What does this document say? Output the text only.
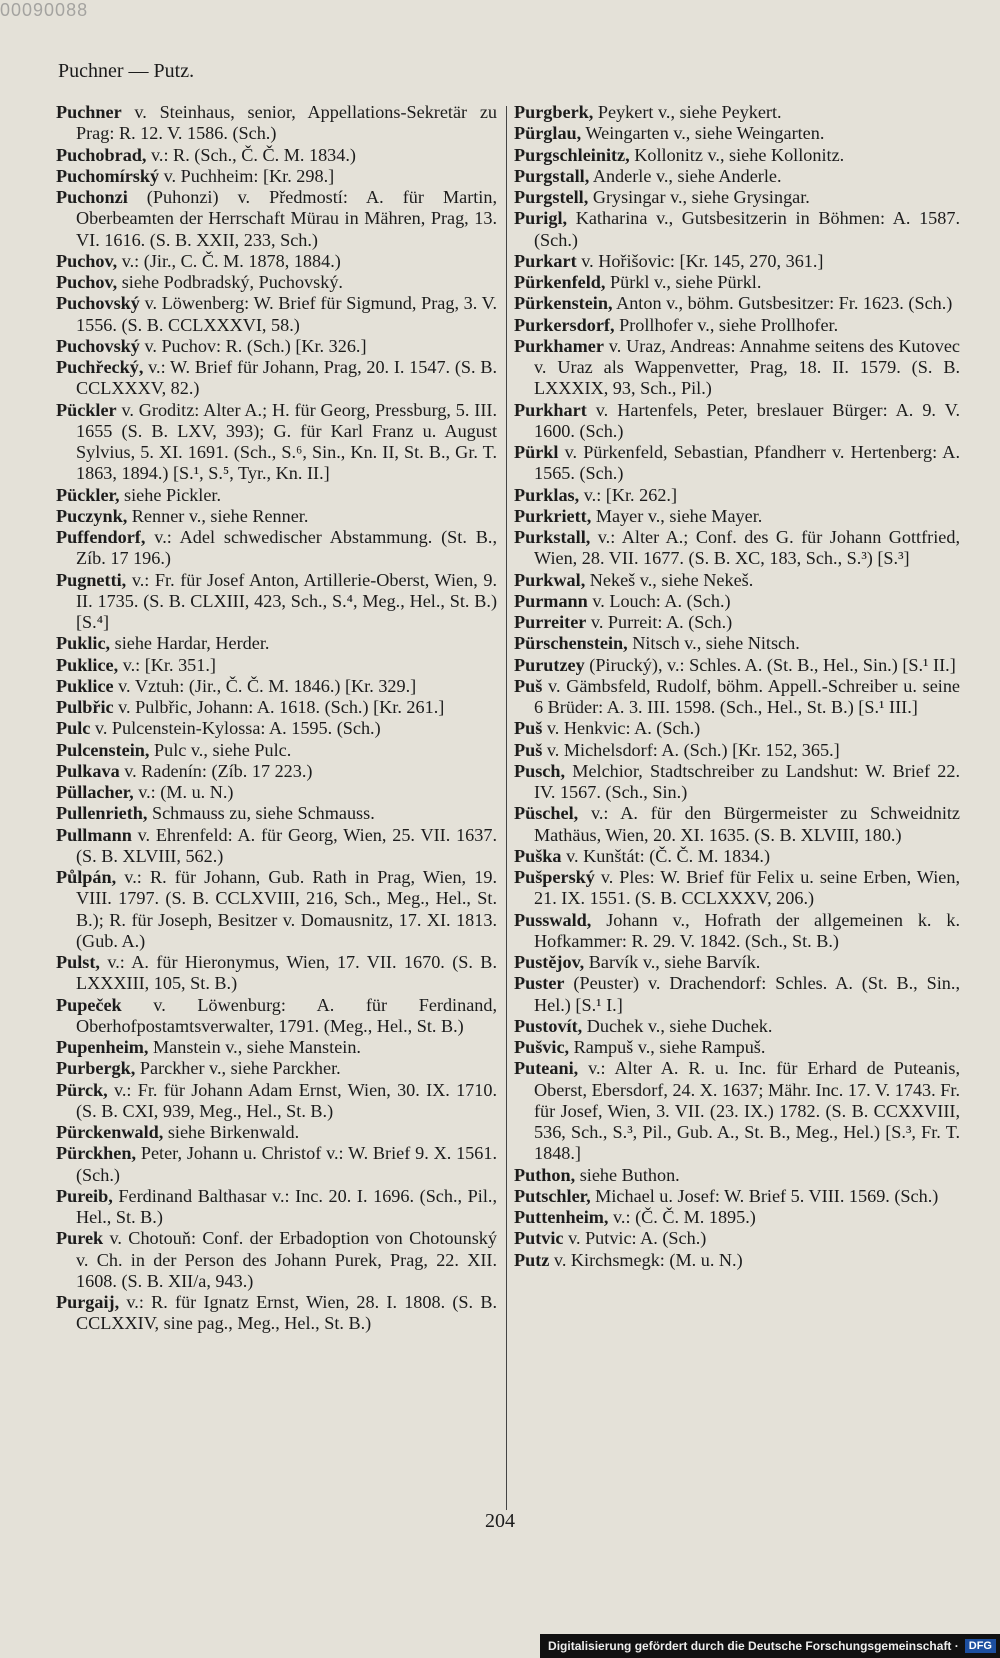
00090088
Puchner — Putz.
Puchner v. Steinhaus, senior, Appellations-Sekretär zu Prag: R. 12. V. 1586. (Sch.)
Puchobrad, v.: R. (Sch., Č. Č. M. 1834.)
Puchomírský v. Puchheim: [Kr. 298.]
Puchonzi (Puhonzi) v. Předmostí: A. für Martin, Oberbeamten der Herrschaft Mürau in Mähren, Prag, 13. VI. 1616. (S. B. XXII, 233, Sch.)
Puchov, v.: (Jir., C. Č. M. 1878, 1884.)
Puchov, siehe Podbradský, Puchovský.
Puchovský v. Löwenberg: W. Brief für Sigmund, Prag, 3. V. 1556. (S. B. CCLXXXVI, 58.)
Puchovský v. Puchov: R. (Sch.) [Kr. 326.]
Puchřecký, v.: W. Brief für Johann, Prag, 20. I. 1547. (S. B. CCLXXXV, 82.)
Pückler v. Groditz: Alter A.; H. für Georg, Pressburg, 5. III. 1655 (S. B. LXV, 393); G. für Karl Franz u. August Sylvius, 5. XI. 1691. (Sch., S.⁶, Sin., Kn. II, St. B., Gr. T. 1863, 1894.) [S.¹, S.⁵, Tyr., Kn. II.]
Pückler, siehe Pickler.
Puczynk, Renner v., siehe Renner.
Puffendorf, v.: Adel schwedischer Abstammung. (St. B., Zíb. 17 196.)
Pugnetti, v.: Fr. für Josef Anton, Artillerie-Oberst, Wien, 9. II. 1735. (S. B. CLXIII, 423, Sch., S.⁴, Meg., Hel., St. B.) [S.⁴]
Puklic, siehe Hardar, Herder.
Puklice, v.: [Kr. 351.]
Puklice v. Vztuh: (Jir., Č. Č. M. 1846.) [Kr. 329.]
Pulbřic v. Pulbřic, Johann: A. 1618. (Sch.) [Kr. 261.]
Pulc v. Pulcenstein-Kylossa: A. 1595. (Sch.)
Pulcenstein, Pulc v., siehe Pulc.
Pulkava v. Radenín: (Zíb. 17 223.)
Püllacher, v.: (M. u. N.)
Pullenrieth, Schmauss zu, siehe Schmauss.
Pullmann v. Ehrenfeld: A. für Georg, Wien, 25. VII. 1637. (S. B. XLVIII, 562.)
Půlpán, v.: R. für Johann, Gub. Rath in Prag, Wien, 19. VIII. 1797. (S. B. CCLXVIII, 216, Sch., Meg., Hel., St. B.); R. für Joseph, Besitzer v. Domausnitz, 17. XI. 1813. (Gub. A.)
Pulst, v.: A. für Hieronymus, Wien, 17. VII. 1670. (S. B. LXXXIII, 105, St. B.)
Pupeček v. Löwenburg: A. für Ferdinand, Oberhofpostamtsverwalter, 1791. (Meg., Hel., St. B.)
Pupenheim, Manstein v., siehe Manstein.
Purbergk, Parckher v., siehe Parckher.
Pürck, v.: Fr. für Johann Adam Ernst, Wien, 30. IX. 1710. (S. B. CXI, 939, Meg., Hel., St. B.)
Pürckenwald, siehe Birkenwald.
Pürckhen, Peter, Johann u. Christof v.: W. Brief 9. X. 1561. (Sch.)
Pureib, Ferdinand Balthasar v.: Inc. 20. I. 1696. (Sch., Pil., Hel., St. B.)
Purek v. Chotouň: Conf. der Erbadoption von Chotounský v. Ch. in der Person des Johann Purek, Prag, 22. XII. 1608. (S. B. XII/a, 943.)
Purgaij, v.: R. für Ignatz Ernst, Wien, 28. I. 1808. (S. B. CCLXXIV, sine pag., Meg., Hel., St. B.)
Purgberk, Peykert v., siehe Peykert.
Pürglau, Weingarten v., siehe Weingarten.
Purgschleinitz, Kollonitz v., siehe Kollonitz.
Purgstall, Anderle v., siehe Anderle.
Purgstell, Grysingar v., siehe Grysingar.
Purigl, Katharina v., Gutsbesitzerin in Böhmen: A. 1587. (Sch.)
Purkart v. Hořišovic: [Kr. 145, 270, 361.]
Pürkenfeld, Pürkl v., siehe Pürkl.
Pürkenstein, Anton v., böhm. Gutsbesitzer: Fr. 1623. (Sch.)
Purkersdorf, Prollhofer v., siehe Prollhofer.
Purkhamer v. Uraz, Andreas: Annahme seitens des Kutovec v. Uraz als Wappenvetter, Prag, 18. II. 1579. (S. B. LXXXIX, 93, Sch., Pil.)
Purkhart v. Hartenfels, Peter, breslauer Bürger: A. 9. V. 1600. (Sch.)
Pürkl v. Pürkenfeld, Sebastian, Pfandherr v. Hertenberg: A. 1565. (Sch.)
Purklas, v.: [Kr. 262.]
Purkriett, Mayer v., siehe Mayer.
Purkstall, v.: Alter A.; Conf. des G. für Johann Gottfried, Wien, 28. VII. 1677. (S. B. XC, 183, Sch., S.³) [S.³]
Purkwal, Nekeš v., siehe Nekeš.
Purmann v. Louch: A. (Sch.)
Purreiter v. Purreit: A. (Sch.)
Pürschenstein, Nitsch v., siehe Nitsch.
Purutzey (Pirucký), v.: Schles. A. (St. B., Hel., Sin.) [S.¹ II.]
Puš v. Gämbsfeld, Rudolf, böhm. Appell.-Schreiber u. seine 6 Brüder: A. 3. III. 1598. (Sch., Hel., St. B.) [S.¹ III.]
Puš v. Henkvic: A. (Sch.)
Puš v. Michelsdorf: A. (Sch.) [Kr. 152, 365.]
Pusch, Melchior, Stadtschreiber zu Landshut: W. Brief 22. IV. 1567. (Sch., Sin.)
Püschel, v.: A. für den Bürgermeister zu Schweidnitz Mathäus, Wien, 20. XI. 1635. (S. B. XLVIII, 180.)
Puška v. Kunštát: (Č. Č. M. 1834.)
Pušperský v. Ples: W. Brief für Felix u. seine Erben, Wien, 21. IX. 1551. (S. B. CCLXXXV, 206.)
Pusswald, Johann v., Hofrath der allgemeinen k. k. Hofkammer: R. 29. V. 1842. (Sch., St. B.)
Pustějov, Barvík v., siehe Barvík.
Puster (Peuster) v. Drachendorf: Schles. A. (St. B., Sin., Hel.) [S.¹ I.]
Pustovít, Duchek v., siehe Duchek.
Pušvic, Rampuš v., siehe Rampuš.
Puteani, v.: Alter A. R. u. Inc. für Erhard de Puteanis, Oberst, Ebersdorf, 24. X. 1637; Mähr. Inc. 17. V. 1743. Fr. für Josef, Wien, 3. VII. (23. IX.) 1782. (S. B. CCXXVIII, 536, Sch., S.³, Pil., Gub. A., St. B., Meg., Hel.) [S.³, Fr. T. 1848.]
Puthon, siehe Buthon.
Putschler, Michael u. Josef: W. Brief 5. VIII. 1569. (Sch.)
Puttenheim, v.: (Č. Č. M. 1895.)
Putvic v. Putvic: A. (Sch.)
Putz v. Kirchsmegk: (M. u. N.)
204
Digitalisierung gefördert durch die Deutsche Forschungsgemeinschaft · DFG
